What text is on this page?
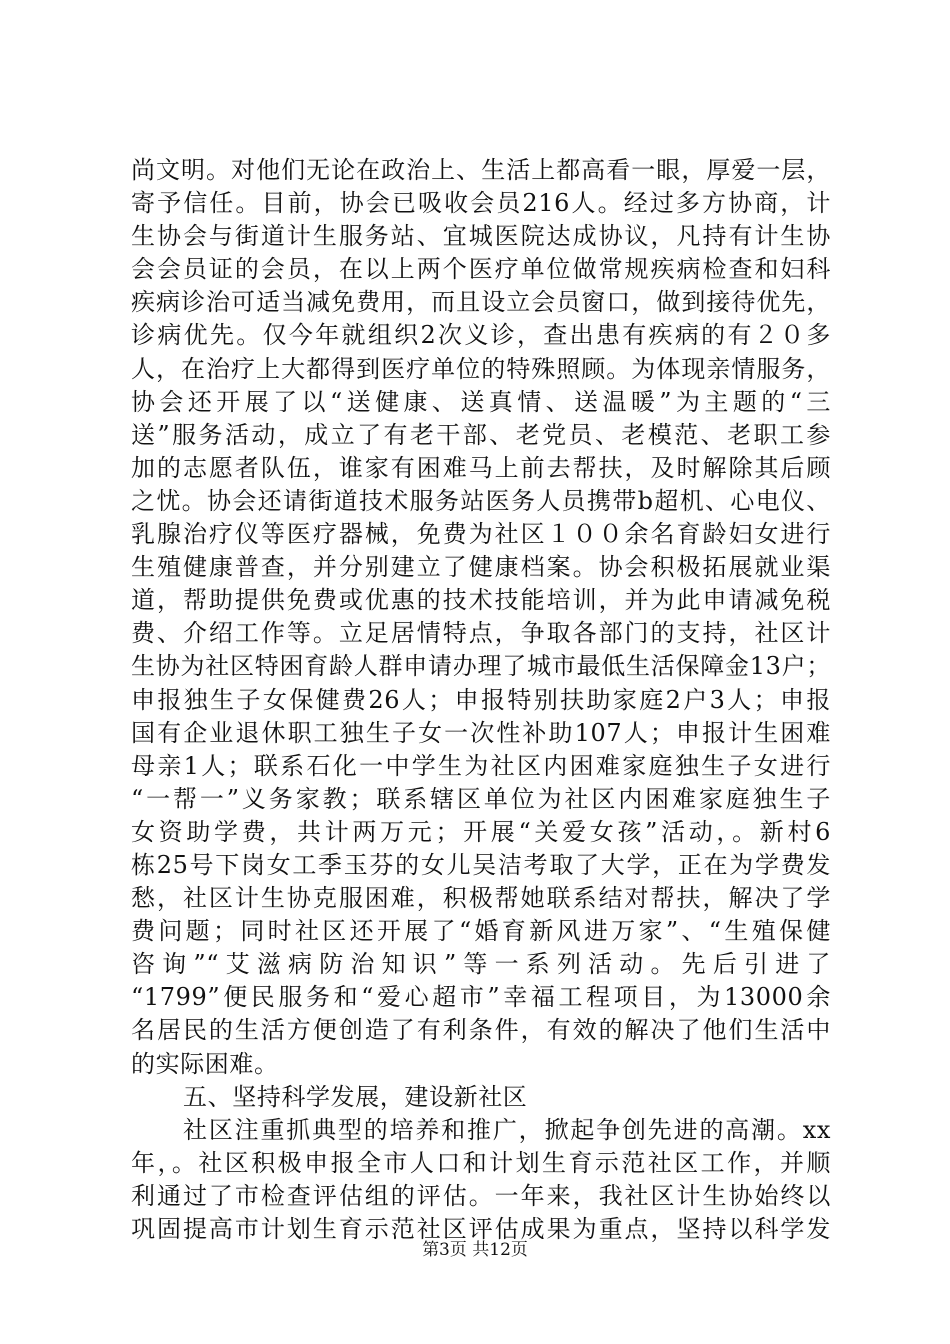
尚文明。对他们无论在政治上、生活上都高看一眼，厚爱一层，
寄予信任。目前，协会已吸收会员216人。经过多方协商，计
生协会与街道计生服务站、宜城医院达成协议，凡持有计生协
会会员证的会员，在以上两个医疗单位做常规疾病检查和妇科
疾病诊治可适当减免费用，而且设立会员窗口，做到接待优先，
诊病优先。仅今年就组织2次义诊，查出患有疾病的有２０多
人，在治疗上大都得到医疗单位的特殊照顾。为体现亲情服务，
协会还开展了以“送健康、送真情、送温暖”为主题的“三
送”服务活动，成立了有老干部、老党员、老模范、老职工参
加的志愿者队伍，谁家有困难马上前去帮扶，及时解除其后顾
之忧。协会还请街道技术服务站医务人员携带b超机、心电仪、
乳腺治疗仪等医疗器械，免费为社区１００余名育龄妇女进行
生殖健康普查，并分别建立了健康档案。协会积极拓展就业渠
道，帮助提供免费或优惠的技术技能培训，并为此申请减免税
费、介绍工作等。立足居情特点，争取各部门的支持，社区计
生协为社区特困育龄人群申请办理了城市最低生活保障金13户；
申报独生子女保健费26人；申报特别扶助家庭2户3人；申报
国有企业退休职工独生子女一次性补助107人；申报计生困难
母亲1人；联系石化一中学生为社区内困难家庭独生子女进行
“一帮一”义务家教；联系辖区单位为社区内困难家庭独生子
女资助学费，共计两万元；开展“关爱女孩”活动，。新村6
栋25号下岗女工季玉芬的女儿吴洁考取了大学，正在为学费发
愁，社区计生协克服困难，积极帮她联系结对帮扶，解决了学
费问题；同时社区还开展了“婚育新风进万家”、“生殖保健
咨询”“艾滋病防治知识”等一系列活动。先后引进了
“1799”便民服务和“爱心超市”幸福工程项目，为13000余
名居民的生活方便创造了有利条件，有效的解决了他们生活中
的实际困难。
五、坚持科学发展，建设新社区
社区注重抓典型的培养和推广，掀起争创先进的高潮。xx
年，。社区积极申报全市人口和计划生育示范社区工作，并顺
利通过了市检查评估组的评估。一年来，我社区计生协始终以
巩固提高市计划生育示范社区评估成果为重点，坚持以科学发
第3页 共12页
